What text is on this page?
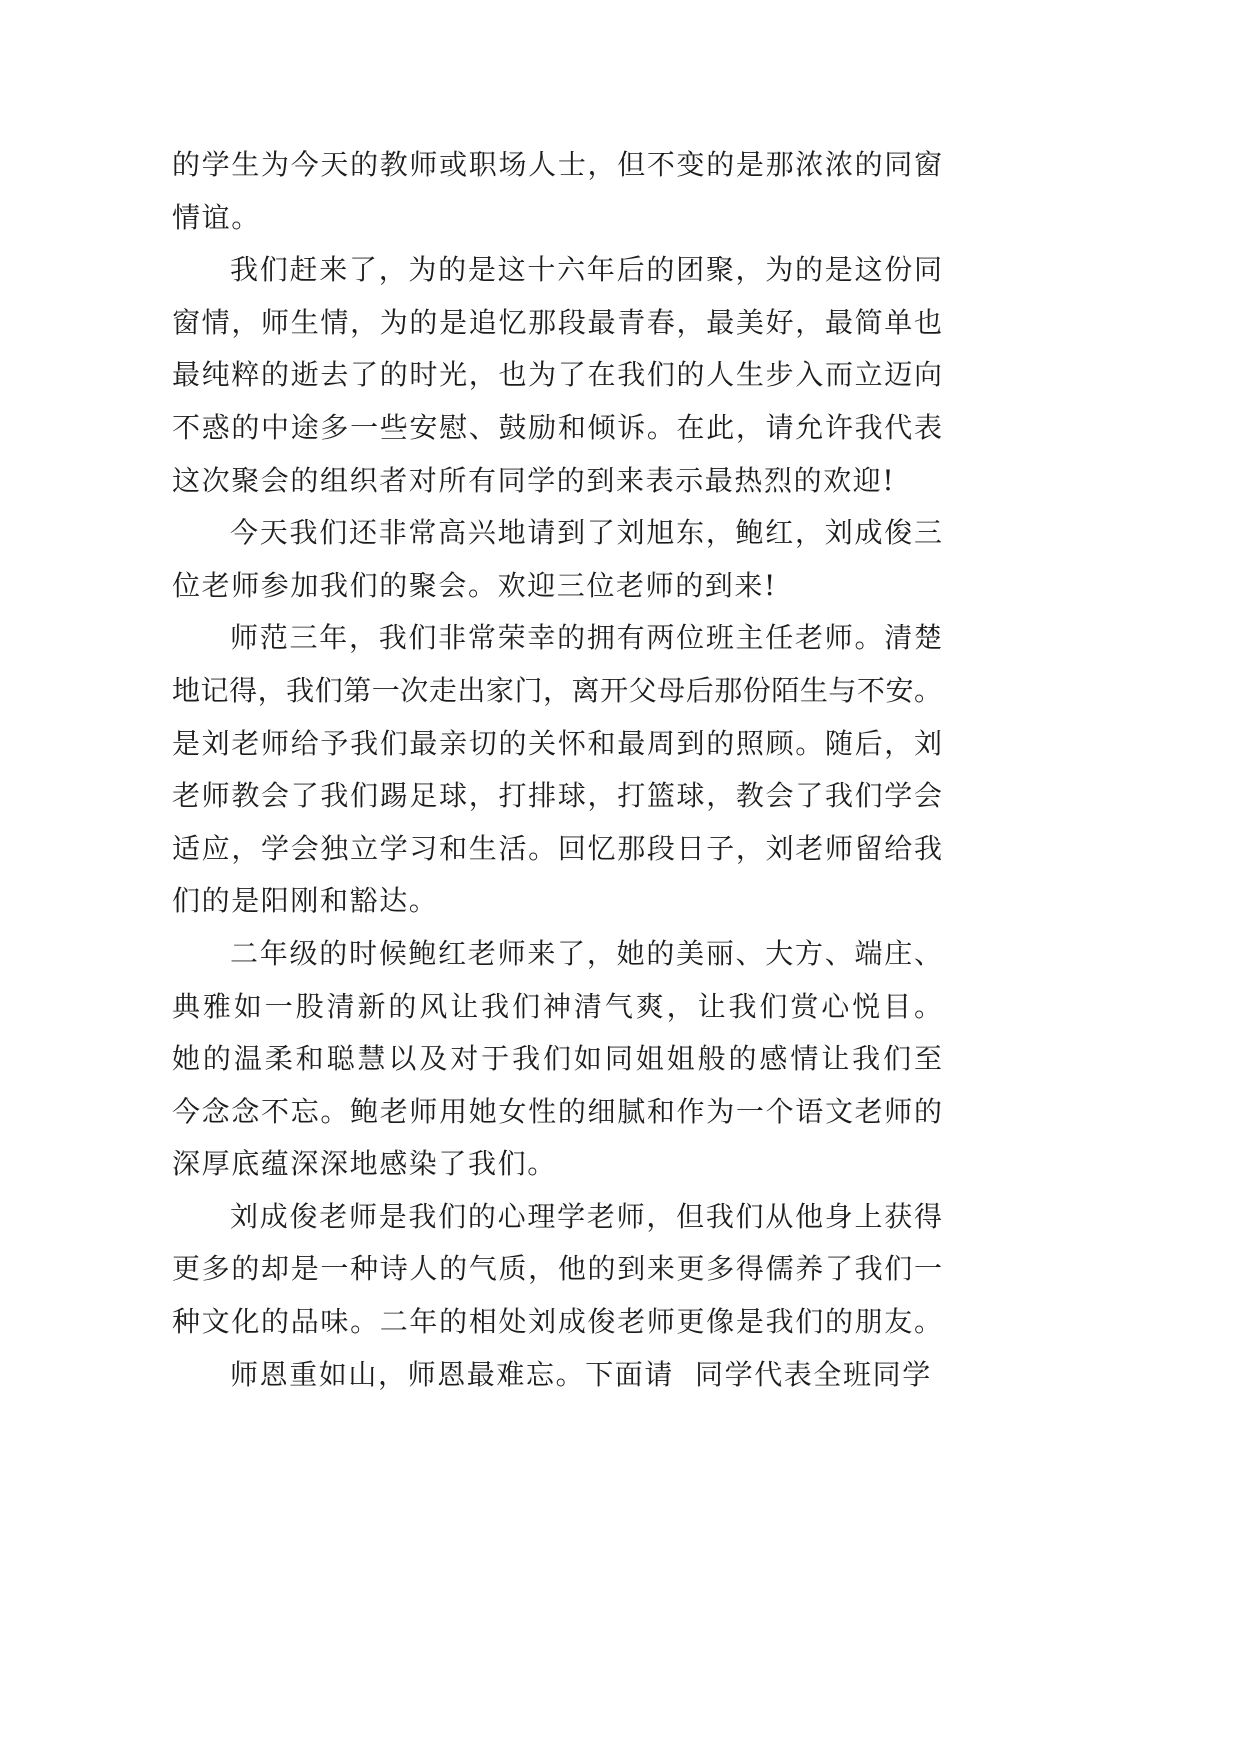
的学生为今天的教师或职场人士，但不变的是那浓浓的同窗
情谊。
我们赶来了，为的是这十六年后的团聚，为的是这份同
窗情，师生情，为的是追忆那段最青春，最美好，最简单也
最纯粹的逝去了的时光，也为了在我们的人生步入而立迈向
不惑的中途多一些安慰、鼓励和倾诉。在此，请允许我代表
这次聚会的组织者对所有同学的到来表示最热烈的欢迎!
今天我们还非常高兴地请到了刘旭东，鲍红，刘成俊三
位老师参加我们的聚会。欢迎三位老师的到来!
师范三年，我们非常荣幸的拥有两位班主任老师。清楚
地记得，我们第一次走出家门，离开父母后那份陌生与不安。
是刘老师给予我们最亲切的关怀和最周到的照顾。随后，刘
老师教会了我们踢足球，打排球，打篮球，教会了我们学会
适应，学会独立学习和生活。回忆那段日子，刘老师留给我
们的是阳刚和豁达。
二年级的时候鲍红老师来了，她的美丽、大方、端庄、
典雅如一股清新的风让我们神清气爽，让我们赏心悦目。
她的温柔和聪慧以及对于我们如同姐姐般的感情让我们至
今念念不忘。鲍老师用她女性的细腻和作为一个语文老师的
深厚底蕴深深地感染了我们。
刘成俊老师是我们的心理学老师，但我们从他身上获得
更多的却是一种诗人的气质，他的到来更多得儒养了我们一
种文化的品味。二年的相处刘成俊老师更像是我们的朋友。
师恩重如山，师恩最难忘。下面请  同学代表全班同学
